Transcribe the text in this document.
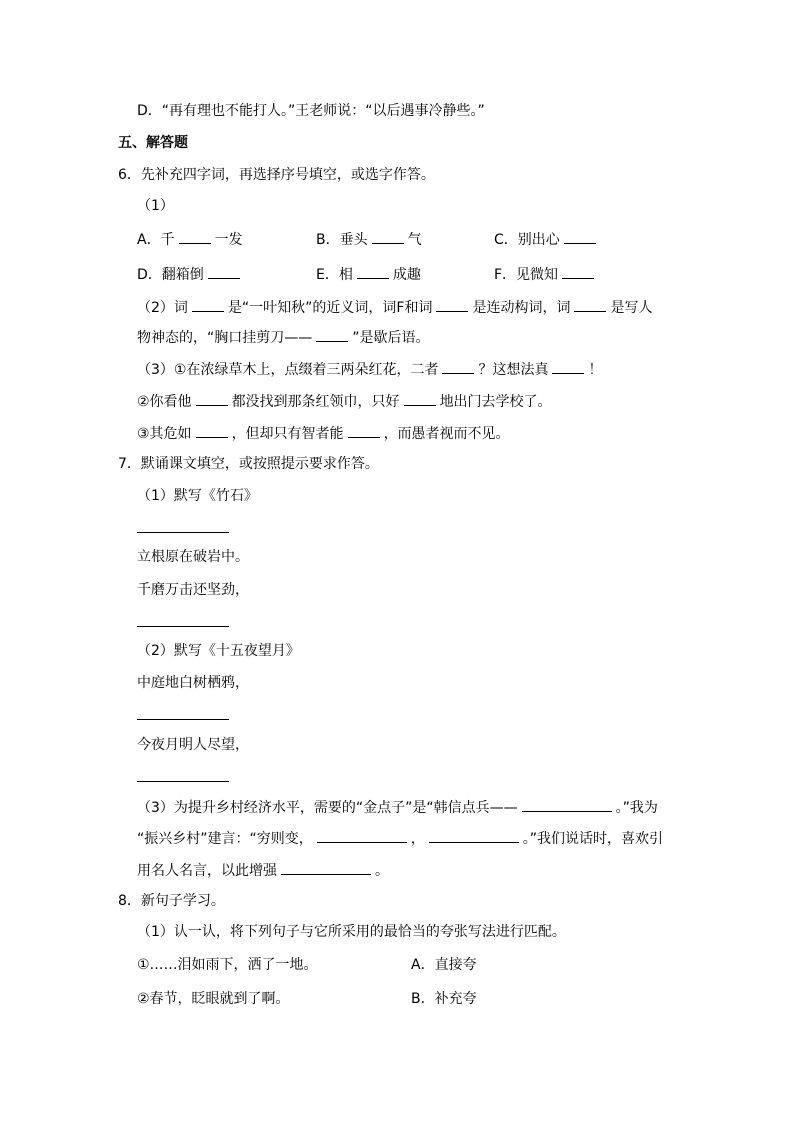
D．“再有理也不能打人。”王老师说：“以后遇事冷静些。”
五、解答题
6．先补充四字词，再选择序号填空，或选字作答。
（1）
A．千	一发	B．垂头	气	C．别出心
D．翻箱倒	E．相	成趣	F．见微知
（2）词	是“一叶知秋”的近义词，词F和词	是连动构词，词	是写人
物神态的，“胸口挂剪刀——	”是歇后语。
（3）①在浓绿草木上，点缀着三两朵红花，二者	？这想法真	！
②你看他	都没找到那条红领巾，只好	地出门去学校了。
③其危如	，但却只有智者能	，而愚者视而不见。
7．默诵课文填空，或按照提示要求作答。
（1）默写《竹石》
立根原在破岩中。
千磨万击还坚劲，
（2）默写《十五夜望月》
中庭地白树栖鸦，
今夜月明人尽望，
（3）为提升乡村经济水平，需要的“金点子”是“韩信点兵——	。”我为
“振兴乡村”建言：“穷则变，	，	。”我们说话时，喜欢引
用名人名言，以此增强	。
8．新句子学习。
（1）认一认，将下列句子与它所采用的最恰当的夸张写法进行匹配。
①……泪如雨下，洒了一地。	A．直接夸
②春节，眨眼就到了啊。	B．补充夸
